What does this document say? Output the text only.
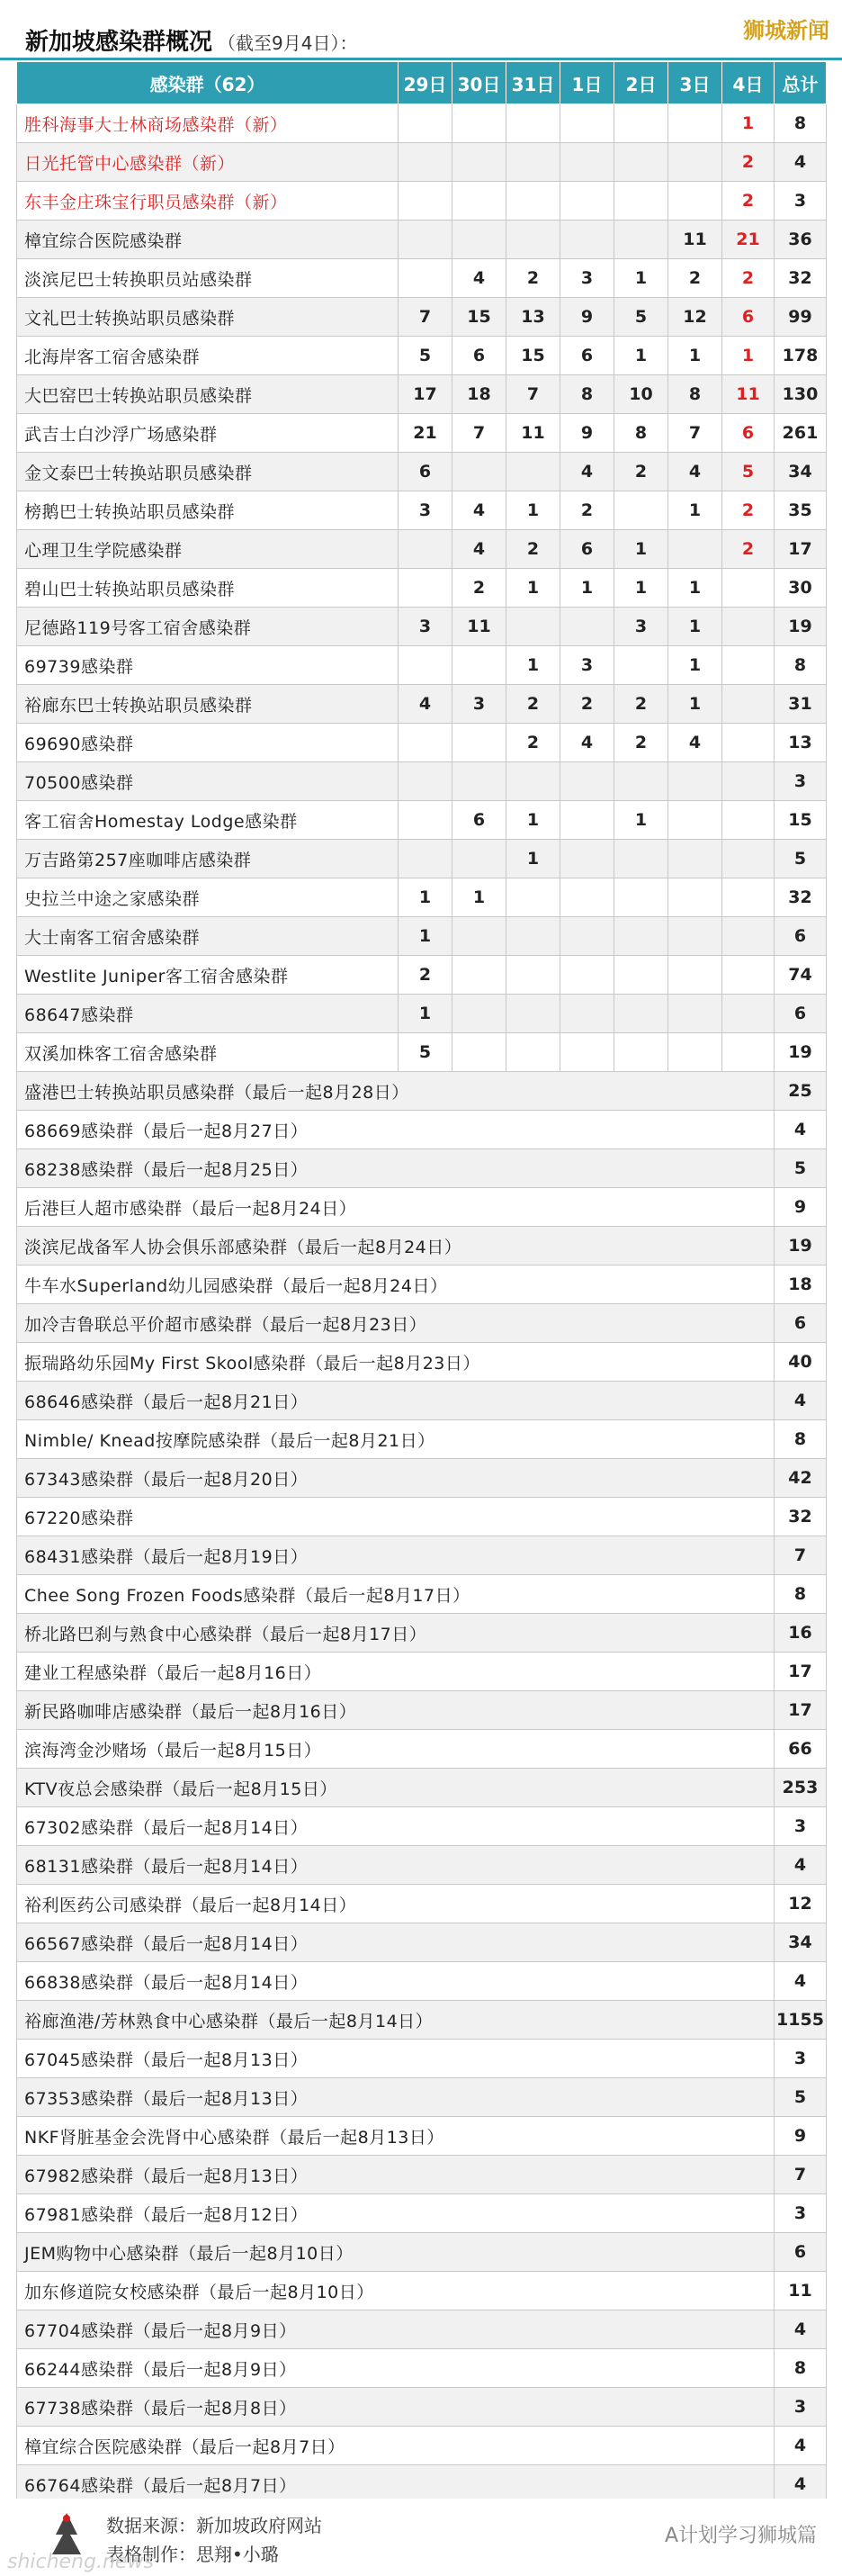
新加坡感染群概况 （截至9月4日）：	狮城新闻
感染群（62）	29日	30日	31日	1日	2日	3日	4日	总计
胜科海事大士林商场感染群（新）							1	8
日光托管中心感染群（新）							2	4
东丰金庄珠宝行职员感染群（新）							2	3
樟宜综合医院感染群						11	21	36
淡滨尼巴士转换职员站感染群		4	2	3	1	2	2	32
文礼巴士转换站职员感染群	7	15	13	9	5	12	6	99
北海岸客工宿舍感染群	5	6	15	6	1	1	1	178
大巴窑巴士转换站职员感染群	17	18	7	8	10	8	11	130
武吉士白沙浮广场感染群	21	7	11	9	8	7	6	261
金文泰巴士转换站职员感染群	6			4	2	4	5	34
榜鹅巴士转换站职员感染群	3	4	1	2		1	2	35
心理卫生学院感染群		4	2	6	1		2	17
碧山巴士转换站职员感染群		2	1	1	1	1		30
尼德路119号客工宿舍感染群	3	11			3	1		19
69739感染群			1	3		1		8
裕廊东巴士转换站职员感染群	4	3	2	2	2	1		31
69690感染群			2	4	2	4		13
70500感染群								3
客工宿舍Homestay Lodge感染群		6	1		1			15
万吉路第257座咖啡店感染群			1					5
史拉兰中途之家感染群	1	1						32
大士南客工宿舍感染群	1							6
Westlite Juniper客工宿舍感染群	2							74
68647感染群	1							6
双溪加株客工宿舍感染群	5							19
盛港巴士转换站职员感染群（最后一起8月28日）								25
68669感染群（最后一起8月27日）								4
68238感染群（最后一起8月25日）								5
后港巨人超市感染群（最后一起8月24日）								9
淡滨尼战备军人协会俱乐部感染群（最后一起8月24日）								19
牛车水Superland幼儿园感染群（最后一起8月24日）								18
加冷吉鲁联总平价超市感染群（最后一起8月23日）								6
振瑞路幼乐园My First Skool感染群（最后一起8月23日）								40
68646感染群（最后一起8月21日）								4
Nimble/ Knead按摩院感染群（最后一起8月21日）								8
67343感染群（最后一起8月20日）								42
67220感染群								32
68431感染群（最后一起8月19日）								7
Chee Song Frozen Foods感染群（最后一起8月17日）								8
桥北路巴刹与熟食中心感染群（最后一起8月17日）								16
建业工程感染群（最后一起8月16日）								17
新民路咖啡店感染群（最后一起8月16日）								17
滨海湾金沙赌场（最后一起8月15日）								66
KTV夜总会感染群（最后一起8月15日）								253
67302感染群（最后一起8月14日）								3
68131感染群（最后一起8月14日）								4
裕利医药公司感染群（最后一起8月14日）								12
66567感染群（最后一起8月14日）								34
66838感染群（最后一起8月14日）								4
裕廊渔港/芳林熟食中心感染群（最后一起8月14日）								1155
67045感染群（最后一起8月13日）								3
67353感染群（最后一起8月13日）								5
NKF肾脏基金会洗肾中心感染群（最后一起8月13日）								9
67982感染群（最后一起8月13日）								7
67981感染群（最后一起8月12日）								3
JEM购物中心感染群（最后一起8月10日）								6
加东修道院女校感染群（最后一起8月10日）								11
67704感染群（最后一起8月9日）								4
66244感染群（最后一起8月9日）								8
67738感染群（最后一起8月8日）								3
樟宜综合医院感染群（最后一起8月7日）								4
66764感染群（最后一起8月7日）								4
数据来源：新加坡政府网站
表格制作：思翔•小璐
A计划学习狮城篇
shicheng.news
